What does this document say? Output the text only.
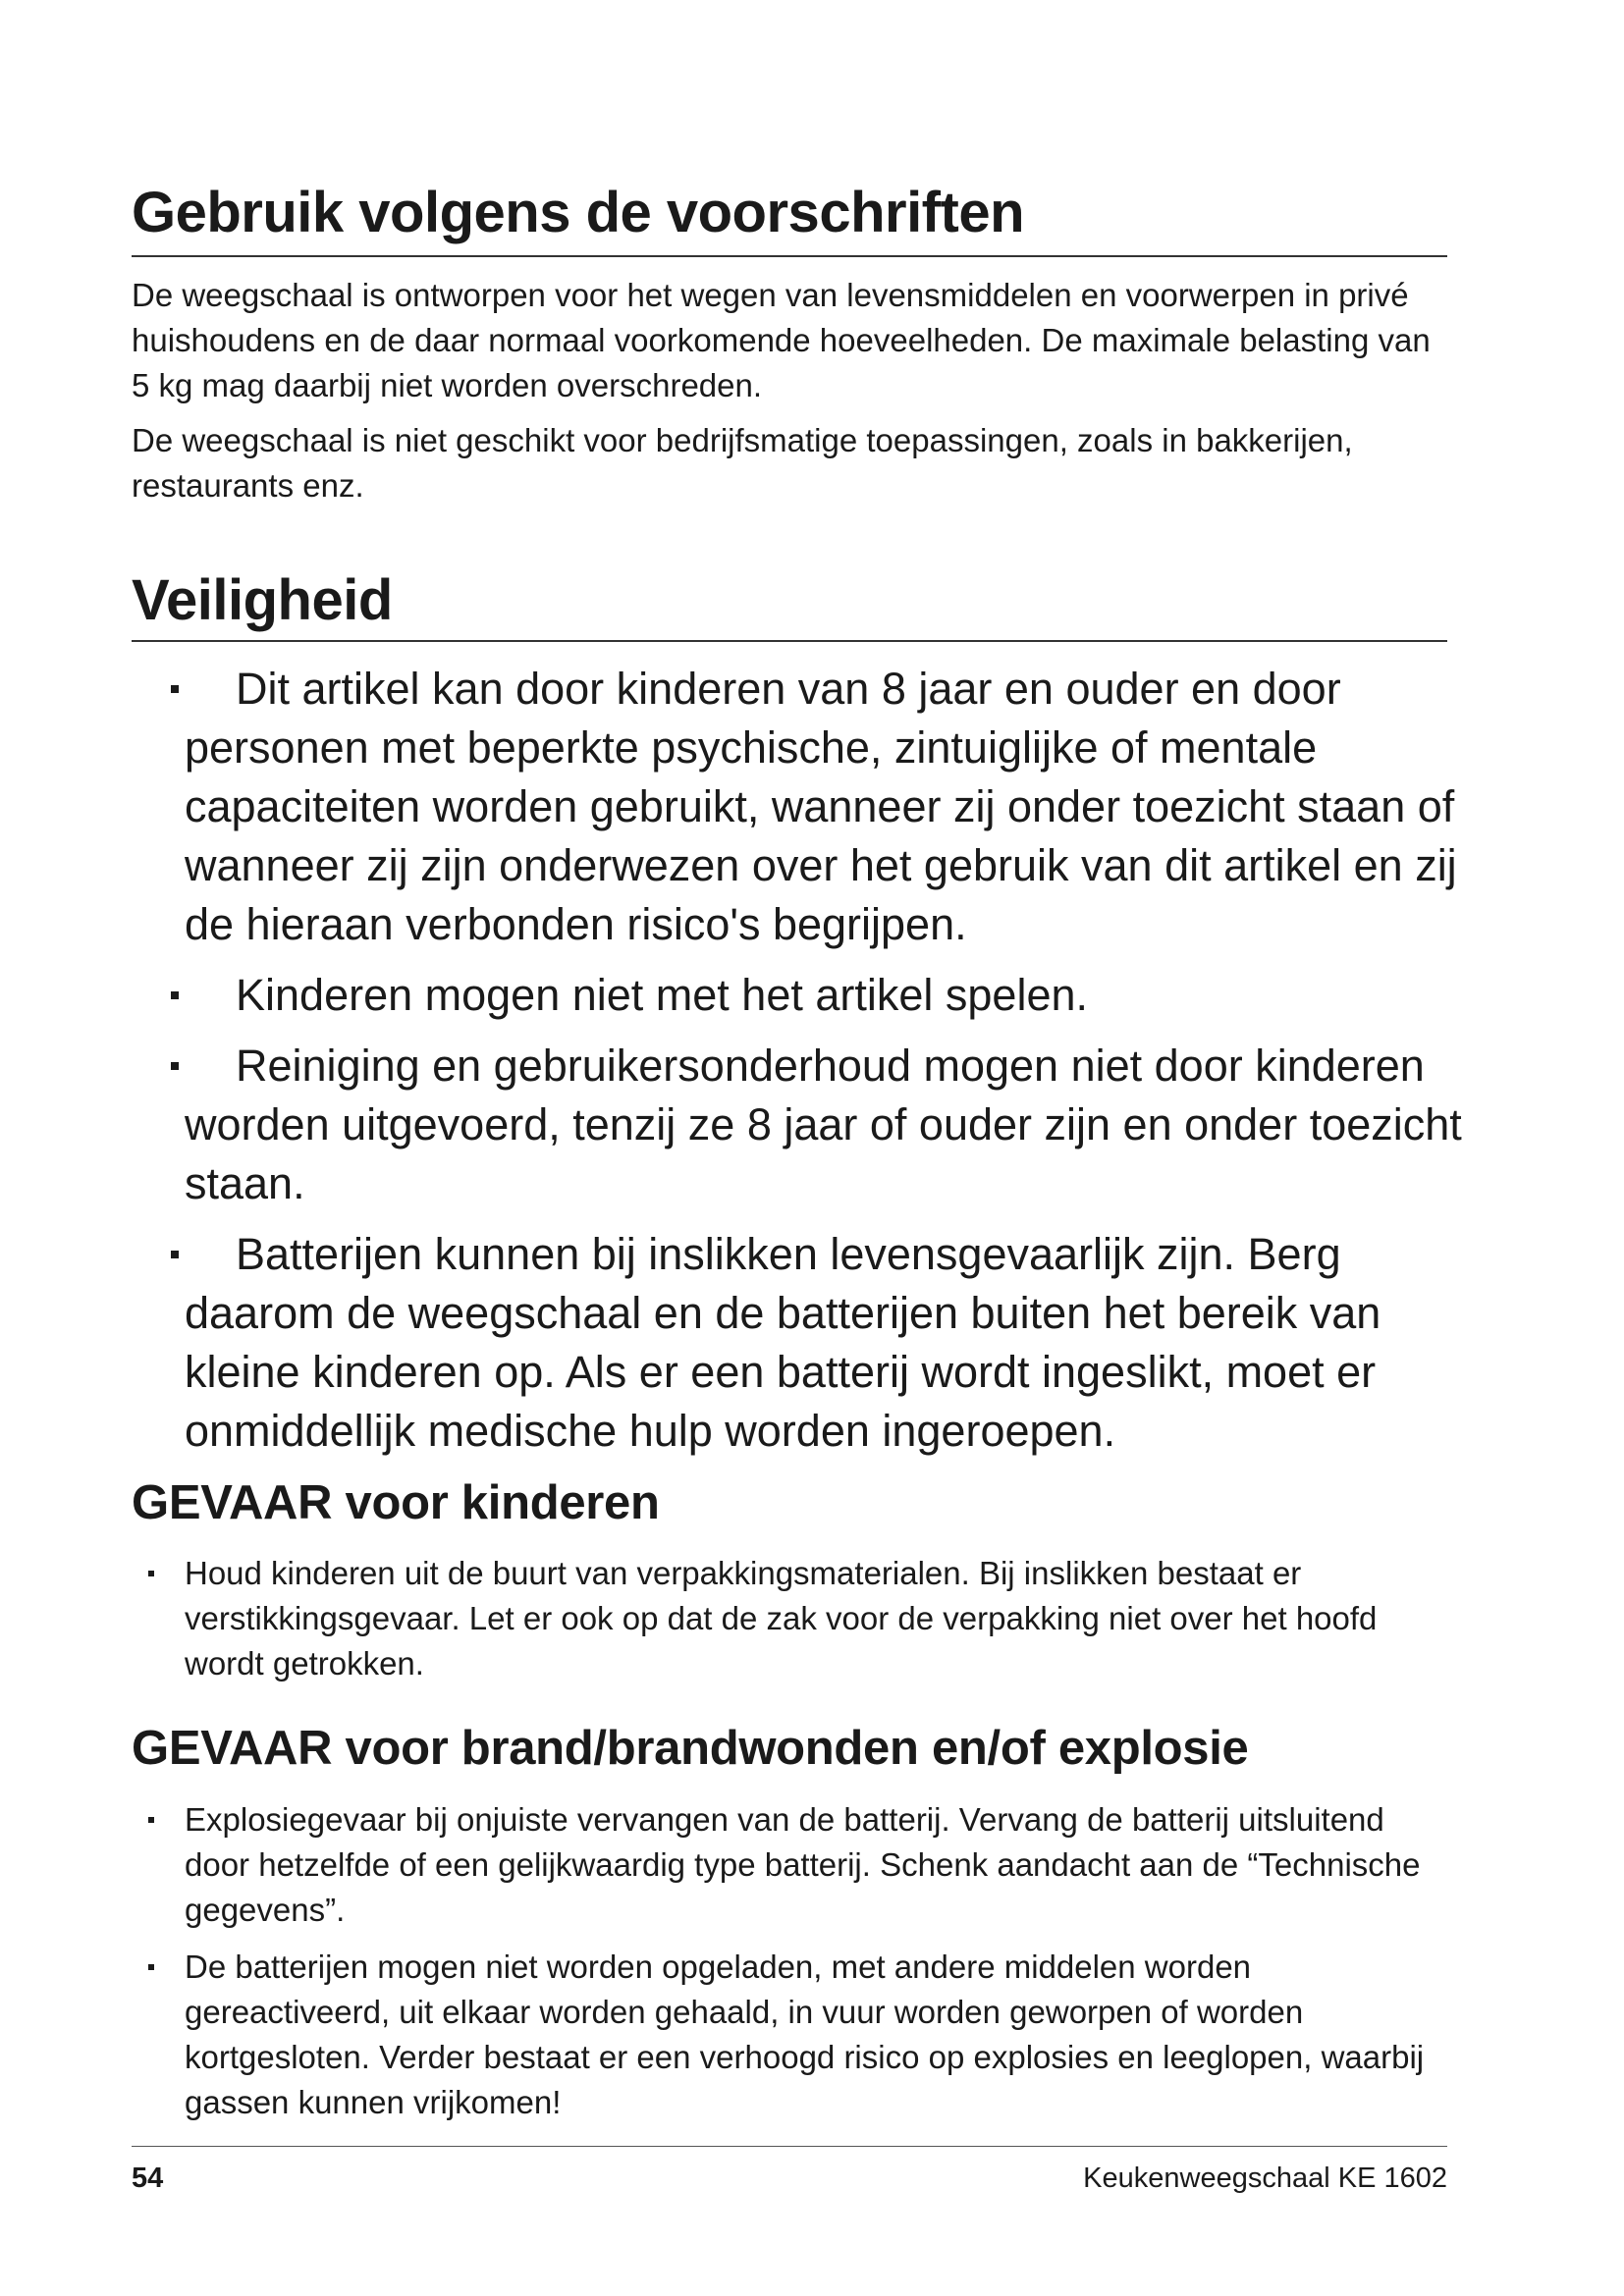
Gebruik volgens de voorschriften

De weegschaal is ontworpen voor het wegen van levensmiddelen en voorwerpen in privé huishoudens en de daar normaal voorkomende hoeveelheden. De maximale belasting van 5 kg mag daarbij niet worden overschreden.

De weegschaal is niet geschikt voor bedrijfsmatige toepassingen, zoals in bakkerijen, restaurants enz.

Veiligheid
Dit artikel kan door kinderen van 8 jaar en ouder en door personen met beperkte psychische, zintuiglijke of mentale capaciteiten worden gebruikt, wanneer zij onder toezicht staan of wanneer zij zijn onderwezen over het gebruik van dit artikel en zij de hieraan verbonden risico's begrijpen.
Kinderen mogen niet met het artikel spelen.
Reiniging en gebruikersonderhoud mogen niet door kinderen worden uitgevoerd, tenzij ze 8 jaar of ouder zijn en onder toezicht staan.
Batterijen kunnen bij inslikken levensgevaarlijk zijn. Berg daarom de weegschaal en de batterijen buiten het bereik van kleine kinderen op. Als er een batterij wordt ingeslikt, moet er onmiddellijk medische hulp worden ingeroepen.
GEVAAR voor kinderen
Houd kinderen uit de buurt van verpakkingsmaterialen. Bij inslikken bestaat er verstikkingsgevaar. Let er ook op dat de zak voor de verpakking niet over het hoofd wordt getrokken.
GEVAAR voor brand/brandwonden en/of explosie
Explosiegevaar bij onjuiste vervangen van de batterij. Vervang de batterij uitsluitend door hetzelfde of een gelijkwaardig type batterij. Schenk aandacht aan de “Technische gegevens”.
De batterijen mogen niet worden opgeladen, met andere middelen worden gereactiveerd, uit elkaar worden gehaald, in vuur worden geworpen of worden kortgesloten. Verder bestaat er een verhoogd risico op explosies en leeglopen, waarbij gassen kunnen vrijkomen!
54	Keukenweegschaal KE 1602
